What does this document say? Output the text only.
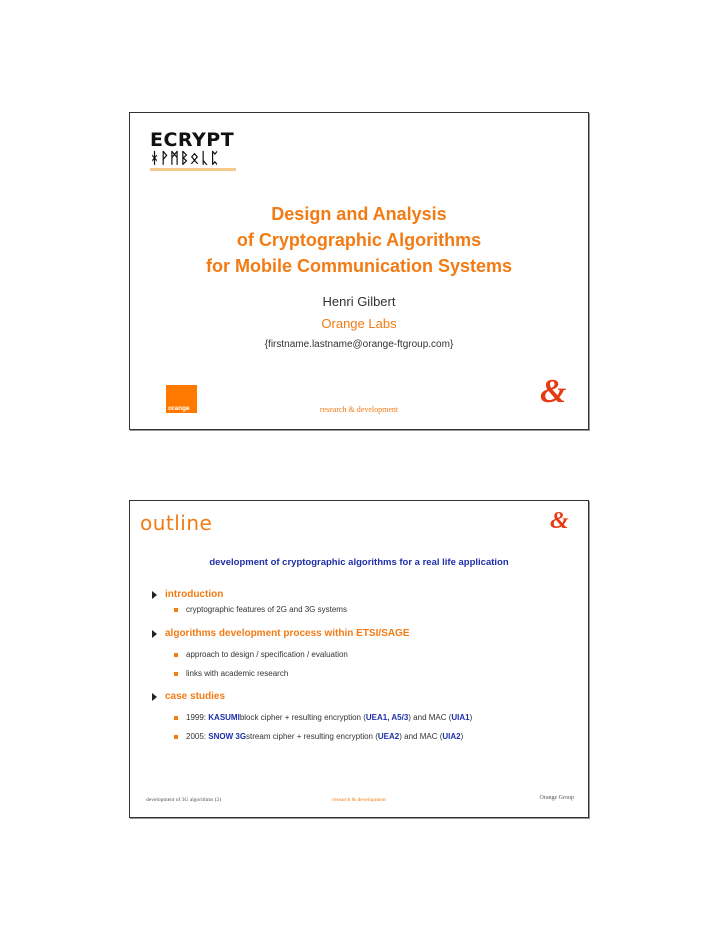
ECRYPT
ᚼᚹᛗᛒᛟᚳᛈ
Design and Analysis
of Cryptographic Algorithms
for Mobile Communication Systems
Henri Gilbert
Orange Labs
{firstname.lastname@orange-ftgroup.com}
orange	research & development	&
outline	&
development of cryptographic algorithms for a real life application
introduction
cryptographic features of 2G and 3G systems
algorithms development process within ETSI/SAGE
approach to design / specification / evaluation
links with academic research
case studies
1999:
KASUMI block cipher + resulting encryption ( UEA1, A5/3 ) and MAC ( UIA1 )
2005:
SNOW 3G stream cipher + resulting encryption ( UEA2 ) and MAC ( UIA2 )
development of 3G algorithms (2)	research & development	Orange Group
